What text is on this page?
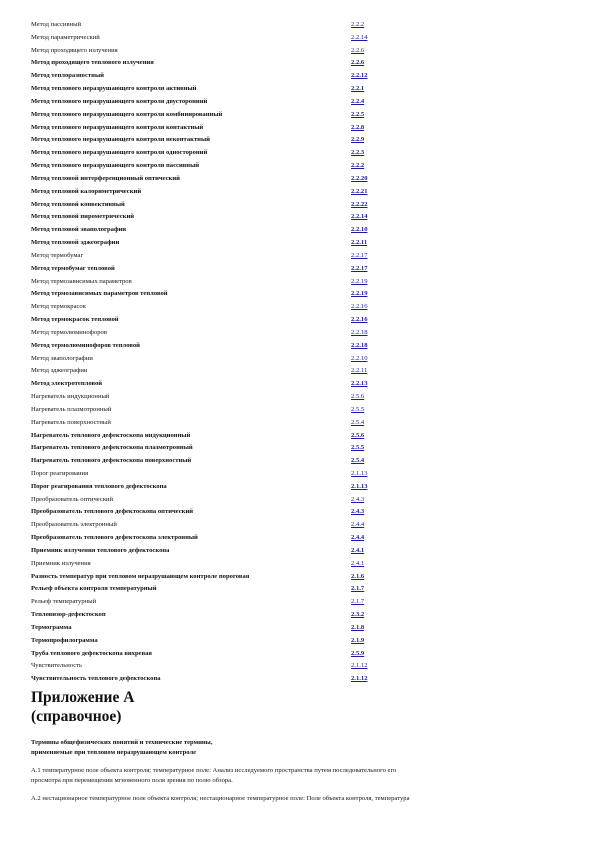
Метод пассивный	2.2.2
Метод параметрический	2.2.14
Метод проходящего излучения	2.2.6
Метод проходящего теплового излучения	2.2.6
Метод теплоразностный	2.2.12
Метод теплового неразрушающего контроля активный	2.2.1
Метод теплового неразрушающего контроля двусторонний	2.2.4
Метод теплового неразрушающего контроля комбинированный	2.2.5
Метод теплового неразрушающего контроля контактный	2.2.8
Метод теплового неразрушающего контроля неконтактный	2.2.9
Метод теплового неразрушающего контроля одностороний	2.2.3
Метод теплового неразрушающего контроля пассивный	2.2.2
Метод тепловой интерференционный оптический	2.2.20
Метод тепловой калориметрический	2.2.21
Метод тепловой конвективный	2.2.22
Метод тепловой пирометрический	2.2.14
Метод тепловой эваполографии	2.2.10
Метод тепловой эджеографии	2.2.11
Метод термобумаг	2.2.17
Метод термобумаг тепловой	2.2.17
Метод термозависимых параметров	2.2.19
Метод термозависимых параметров тепловой	2.2.19
Метод термокрасок	2.2.16
Метод термокрасок тепловой	2.2.16
Метод термолюминофоров	2.2.18
Метод термолюминофоров тепловой	2.2.18
Метод эваполографии	2.2.10
Метод эджеографии	2.2.11
Метод электротепловой	2.2.13
Нагреватель индукционный	2.5.6
Нагреватель плазмотронный	2.5.5
Нагреватель поверхностный	2.5.4
Нагреватель теплового дефектоскопа индукционный	2.5.6
Нагреватель теплового дефектоскопа плазмотронный	2.5.5
Нагреватель теплового дефектоскопа поверхностный	2.5.4
Порог реагирования	2.1.13
Порог реагирования теплового дефектоскопа	2.1.13
Преобразователь оптический	2.4.3
Преобразователь теплового дефектоскопа оптический	2.4.3
Преобразователь электронный	2.4.4
Преобразователь теплового дефектоскопа электронный	2.4.4
Приемник излучения теплового дефектоскопа	2.4.1
Приемник излучения	2.4.1
Разность температур при тепловом неразрушающем контроле пороговая	2.1.6
Рельеф объекта контроля температурный	2.1.7
Рельеф температурный	2.1.7
Тепловизор-дефектоскоп	2.3.2
Термограмма	2.1.8
Термопрофилограмма	2.1.9
Труба теплового дефектоскопа вихревая	2.5.9
Чувствительность	2.1.12
Чувствительность теплового дефектоскопа	2.1.12
Приложение А
(справочное)
Термины общефизических понятий и технические термины,
применяемые при тепловом неразрушающем контроле
А.1 температурное поле объекта контроля; температурное поле: Анализ исследуемого пространства путем последовательного его
просмотра при перемещении мгновенного поля зрения по полю обзора.
А.2 нестационарное температурное поле объекта контроля; нестационарное температурное поле: Поле объекта контроля, температура
